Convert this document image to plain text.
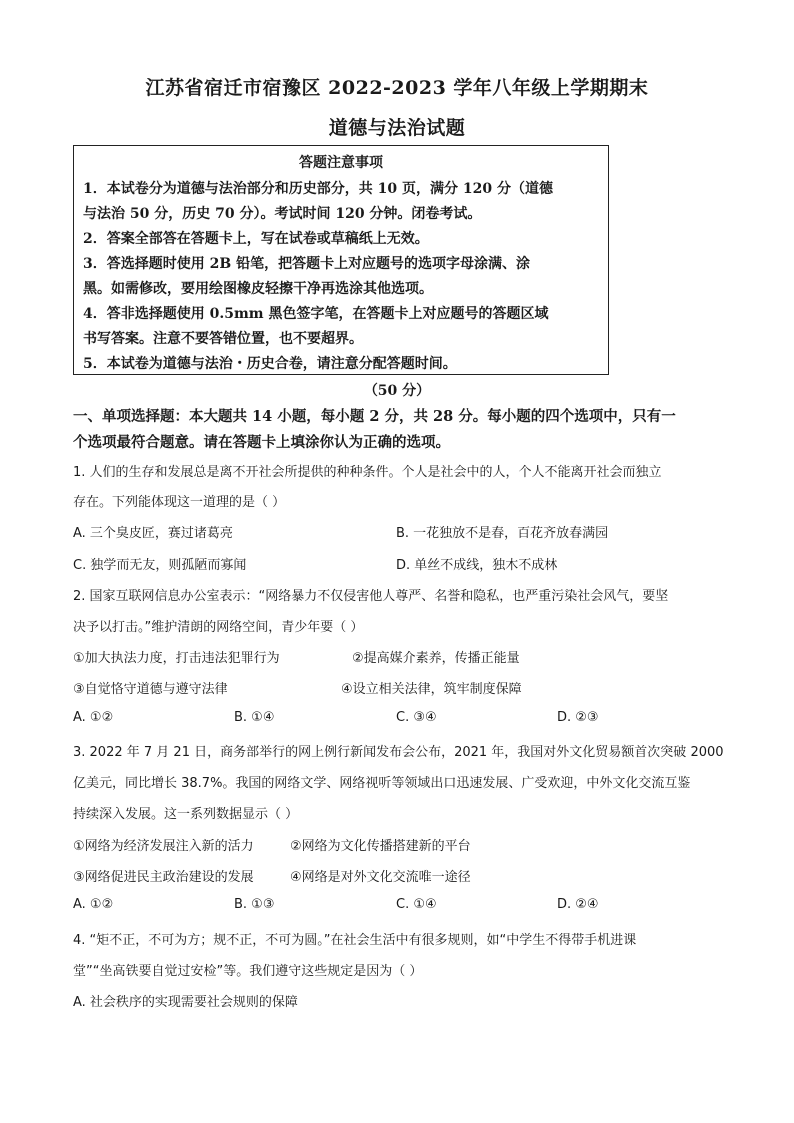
江苏省宿迁市宿豫区 2022-2023 学年八年级上学期期末
道德与法治试题
答题注意事项
1．本试卷分为道德与法治部分和历史部分，共 10 页，满分 120 分（道德
与法治 50 分，历史 70 分）。考试时间 120 分钟。闭卷考试。
2．答案全部答在答题卡上，写在试卷或草稿纸上无效。
3．答选择题时使用 2B 铅笔，把答题卡上对应题号的选项字母涂满、涂
黑。如需修改，要用绘图橡皮轻擦干净再选涂其他选项。
4．答非选择题使用 0.5mm 黑色签字笔，在答题卡上对应题号的答题区域
书写答案。注意不要答错位置，也不要超界。
5．本试卷为道德与法治・历史合卷，请注意分配答题时间。
（50 分）
一、单项选择题：本大题共 14 小题，每小题 2 分，共 28 分。每小题的四个选项中，只有一
个选项最符合题意。请在答题卡上填涂你认为正确的选项。
1. 人们的生存和发展总是离不开社会所提供的种种条件。个人是社会中的人，个人不能离开社会而独立
存在。下列能体现这一道理的是（ ）
A. 三个臭皮匠，赛过诸葛亮	B. 一花独放不是春，百花齐放春满园
C. 独学而无友，则孤陋而寡闻	D. 单丝不成线，独木不成林
2. 国家互联网信息办公室表示：“网络暴力不仅侵害他人尊严、名誉和隐私，也严重污染社会风气，要坚
决予以打击。”维护清朗的网络空间，青少年要（ ）
①加大执法力度，打击违法犯罪行为	②提高媒介素养，传播正能量
③自觉恪守道德与遵守法律	④设立相关法律，筑牢制度保障
A. ①②	B. ①④	C. ③④	D. ②③
3. 2022 年 7 月 21 日，商务部举行的网上例行新闻发布会公布，2021 年，我国对外文化贸易额首次突破 2000
亿美元，同比增长 38.7%。我国的网络文学、网络视听等领域出口迅速发展、广受欢迎，中外文化交流互鉴
持续深入发展。这一系列数据显示（ ）
①网络为经济发展注入新的活力	②网络为文化传播搭建新的平台
③网络促进民主政治建设的发展	④网络是对外文化交流唯一途径
A. ①②	B. ①③	C. ①④	D. ②④
4. “矩不正，不可为方；规不正，不可为圆。”在社会生活中有很多规则，如“中学生不得带手机进课
堂”“坐高铁要自觉过安检”等。我们遵守这些规定是因为（ ）
A. 社会秩序的实现需要社会规则的保障
